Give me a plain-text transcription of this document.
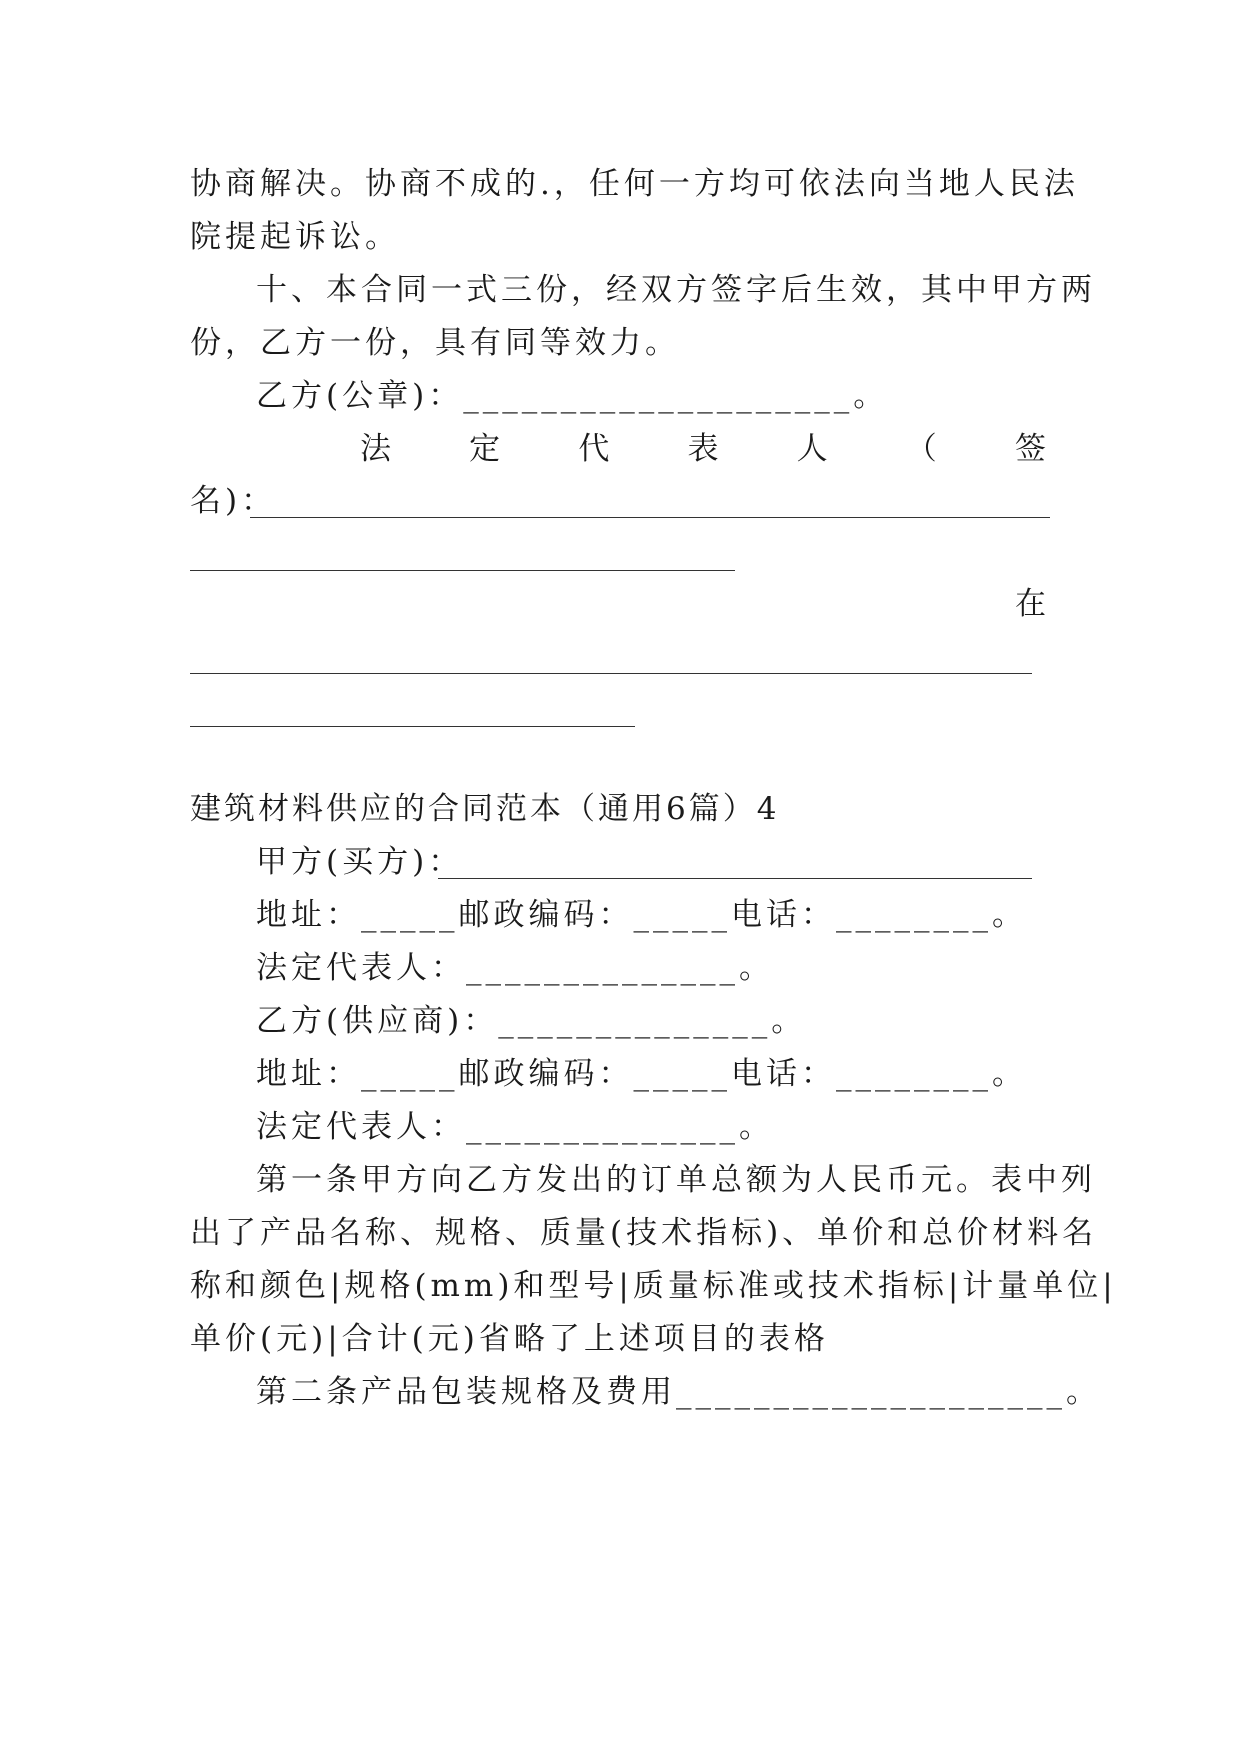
协商解决。协商不成的.，任何一方均可依法向当地人民法
院提起诉讼。
十、本合同一式三份，经双方签字后生效，其中甲方两
份，乙方一份，具有同等效力。
乙方(公章)：____________________。
法 定 代 表 人 （ 签
名)：
在
建筑材料供应的合同范本（通用6篇）4
甲方(买方)：
地址：_____邮政编码：_____电话：________。
法定代表人：______________。
乙方(供应商)：______________。
地址：_____邮政编码：_____电话：________。
法定代表人：______________。
第一条甲方向乙方发出的订单总额为人民币元。表中列
出了产品名称、规格、质量(技术指标)、单价和总价材料名
称和颜色|规格(mm)和型号|质量标准或技术指标|计量单位|
单价(元)|合计(元)省略了上述项目的表格
第二条产品包装规格及费用____________________。
